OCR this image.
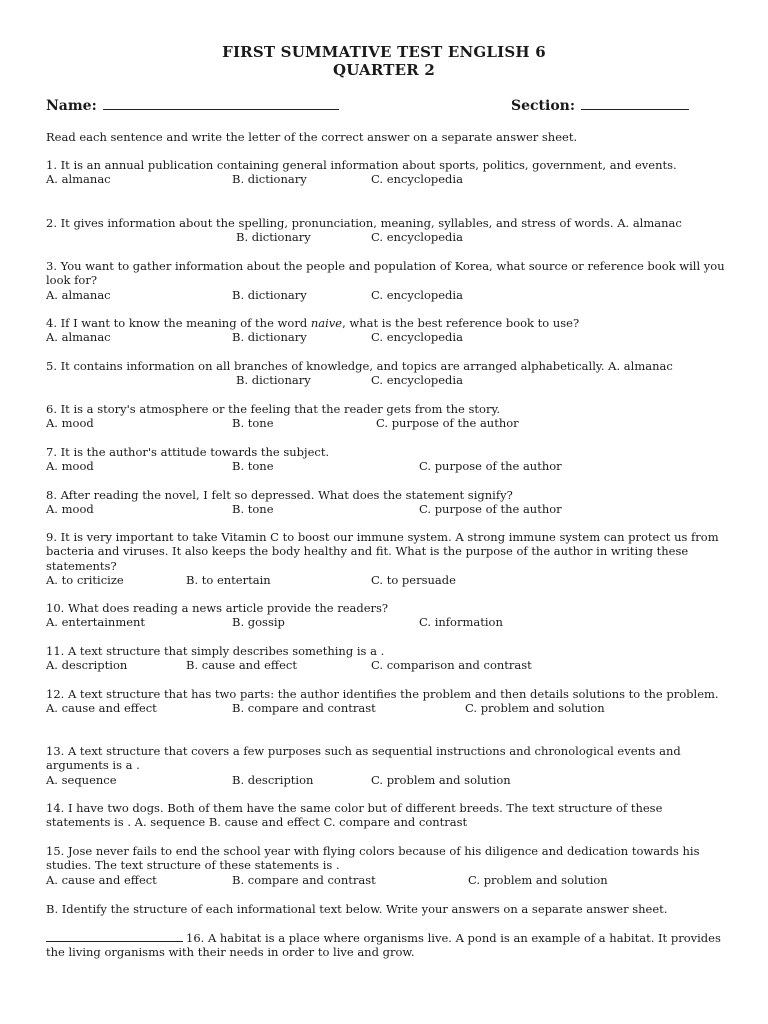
FIRST SUMMATIVE TEST ENGLISH 6
QUARTER 2
Name:	Section:
Read each sentence and write the letter of the correct answer on a separate answer sheet.

1. It is an annual publication containing general information about sports, politics, government, and events.

A. almanac	B. dictionary	C. encyclopedia

2. It gives information about the spelling, pronunciation, meaning, syllables, and stress of words. A. almanac

B. dictionary	C. encyclopedia

3. You want to gather information about the people and population of Korea, what source or reference book will you look for?

A. almanac	B. dictionary	C. encyclopedia

4. If I want to know the meaning of the word naive, what is the best reference book to use?

A. almanac	B. dictionary	C. encyclopedia

5. It contains information on all branches of knowledge, and topics are arranged alphabetically. A. almanac

B. dictionary	C. encyclopedia

6. It is a story's atmosphere or the feeling that the reader gets from the story.

A. mood	B. tone	C. purpose of the author

7. It is the author's attitude towards the subject.

A. mood	B. tone	C. purpose of the author

8. After reading the novel, I felt so depressed. What does the statement signify?

A. mood	B. tone	C. purpose of the author

9. It is very important to take Vitamin C to boost our immune system. A strong immune system can protect us from bacteria and viruses. It also keeps the body healthy and fit. What is the purpose of the author in writing these statements?

A. to criticize	B. to entertain	C. to persuade

10. What does reading a news article provide the readers?

A. entertainment	B. gossip	C. information

11. A text structure that simply describes something is a .

A. description	B. cause and effect	C. comparison and contrast

12. A text structure that has two parts: the author identifies the problem and then details solutions to the problem.

A. cause and effect	B. compare and contrast	C. problem and solution

13. A text structure that covers a few purposes such as sequential instructions and chronological events and arguments is a .

A. sequence	B. description	C. problem and solution

14. I have two dogs. Both of them have the same color but of different breeds. The text structure of these statements is . A. sequence B. cause and effect C. compare and contrast

15. Jose never fails to end the school year with flying colors because of his diligence and dedication towards his studies. The text structure of these statements is .

A. cause and effect	B. compare and contrast	C. problem and solution
B. Identify the structure of each informational text below. Write your answers on a separate answer sheet.

16. A habitat is a place where organisms live. A pond is an example of a habitat. It provides the living organisms with their needs in order to live and grow.
